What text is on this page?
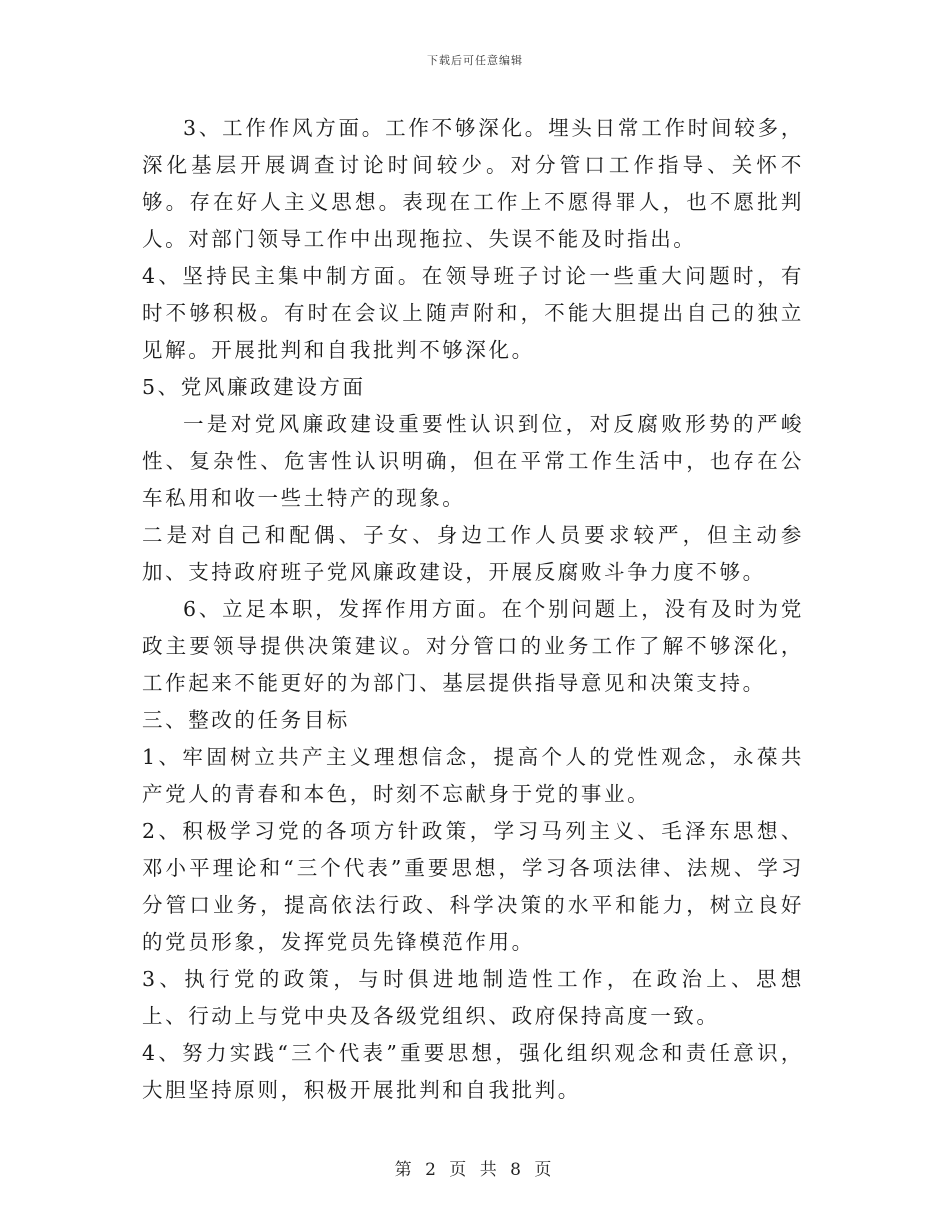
下载后可任意编辑

3、工作作风方面。工作不够深化。埋头日常工作时间较多，深化基层开展调查讨论时间较少。对分管口工作指导、关怀不够。存在好人主义思想。表现在工作上不愿得罪人，也不愿批判人。对部门领导工作中出现拖拉、失误不能及时指出。

4、坚持民主集中制方面。在领导班子讨论一些重大问题时，有时不够积极。有时在会议上随声附和，不能大胆提出自己的独立见解。开展批判和自我批判不够深化。

5、党风廉政建设方面

一是对党风廉政建设重要性认识到位，对反腐败形势的严峻性、复杂性、危害性认识明确，但在平常工作生活中，也存在公车私用和收一些土特产的现象。

二是对自己和配偶、子女、身边工作人员要求较严，但主动参加、支持政府班子党风廉政建设，开展反腐败斗争力度不够。

6、立足本职，发挥作用方面。在个别问题上，没有及时为党政主要领导提供决策建议。对分管口的业务工作了解不够深化，工作起来不能更好的为部门、基层提供指导意见和决策支持。

三、整改的任务目标

1、牢固树立共产主义理想信念，提高个人的党性观念，永葆共产党人的青春和本色，时刻不忘献身于党的事业。

2、积极学习党的各项方针政策，学习马列主义、毛泽东思想、邓小平理论和“三个代表”重要思想，学习各项法律、法规、学习分管口业务，提高依法行政、科学决策的水平和能力，树立良好的党员形象，发挥党员先锋模范作用。

3、执行党的政策，与时俱进地制造性工作，在政治上、思想上、行动上与党中央及各级党组织、政府保持高度一致。

4、努力实践“三个代表”重要思想，强化组织观念和责任意识，大胆坚持原则，积极开展批判和自我批判。

第 2 页 共 8 页
